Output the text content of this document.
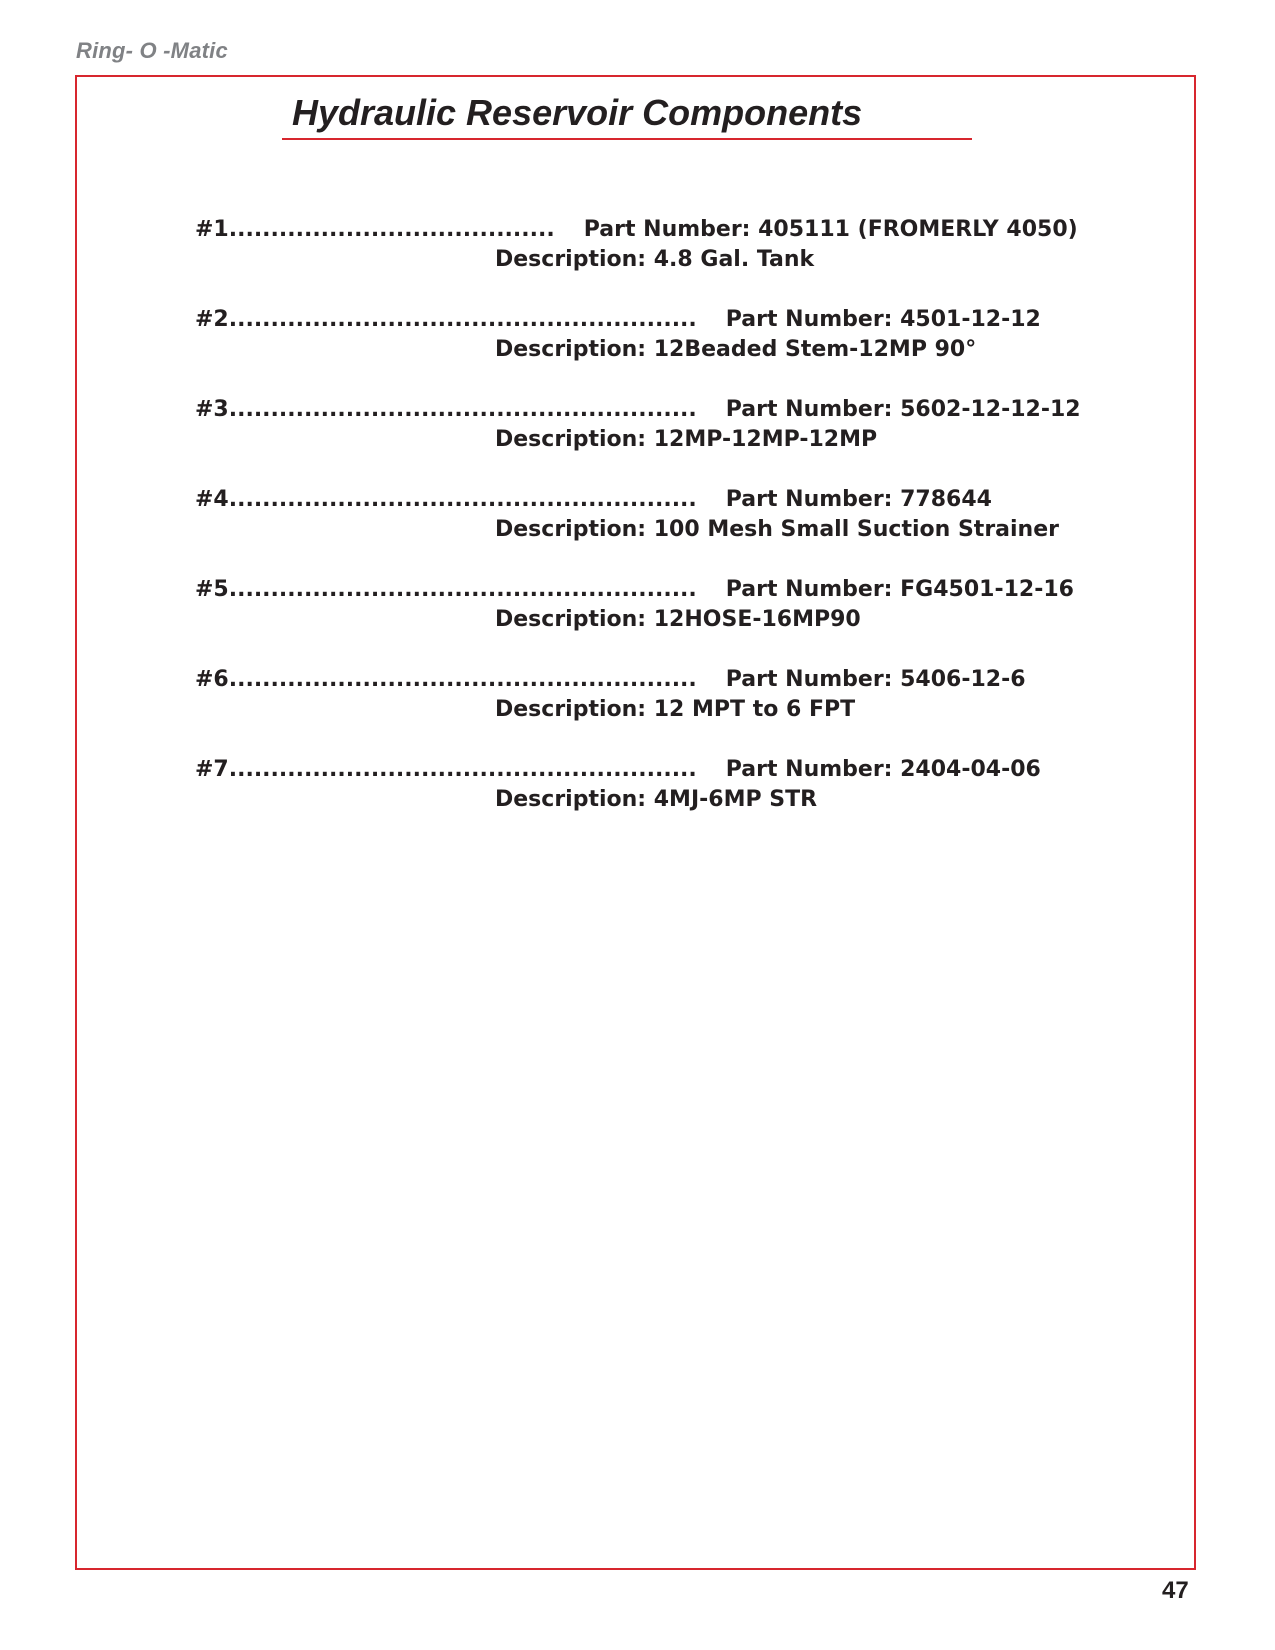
Ring- O -Matic
Hydraulic Reservoir Components
#1....................................... Part Number: 405111 (FROMERLY 4050)
Description: 4.8 Gal. Tank
#2........................................................ Part Number: 4501-12-12
Description: 12Beaded Stem-12MP 90°
#3........................................................ Part Number: 5602-12-12-12
Description: 12MP-12MP-12MP
#4........................................................ Part Number: 778644
Description: 100 Mesh Small Suction Strainer
#5........................................................ Part Number: FG4501-12-16
Description: 12HOSE-16MP90
#6........................................................ Part Number: 5406-12-6
Description: 12 MPT to 6 FPT
#7........................................................ Part Number: 2404-04-06
Description: 4MJ-6MP STR
47
